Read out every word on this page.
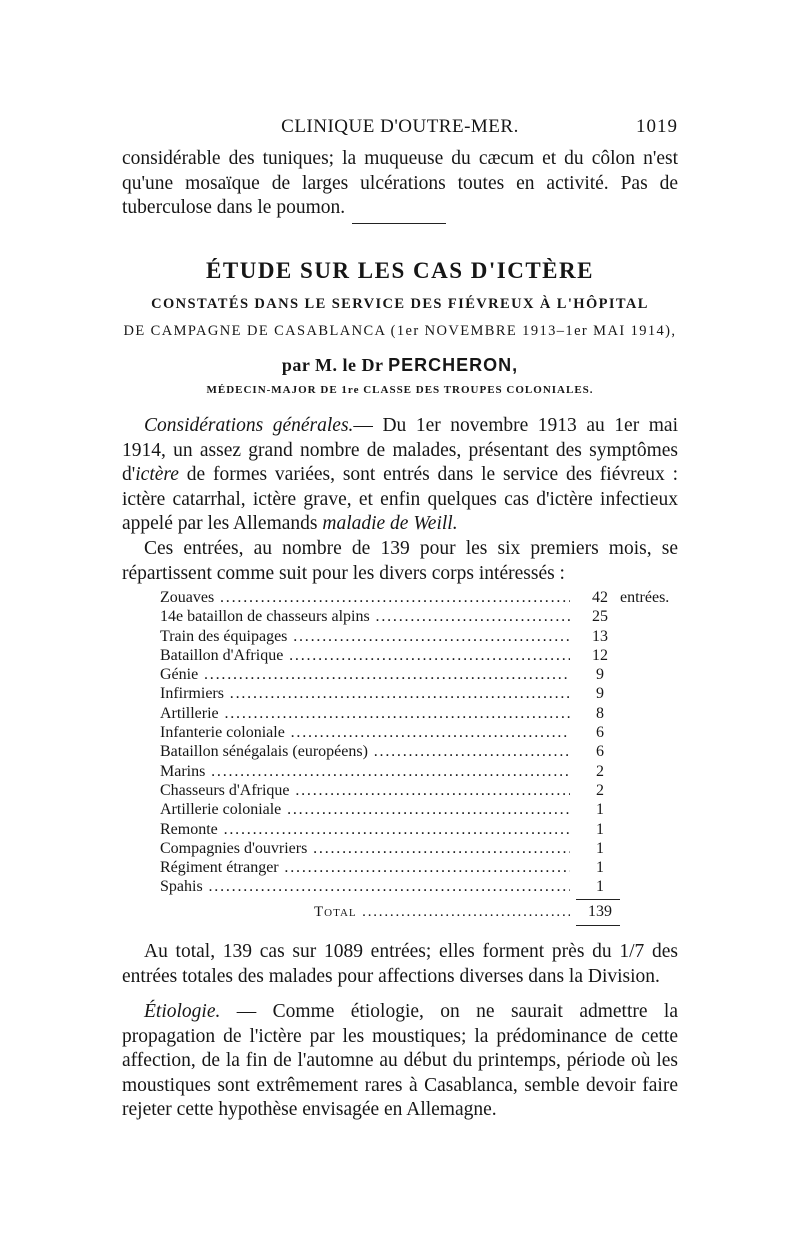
CLINIQUE D'OUTRE-MER.	1019

considérable des tuniques; la muqueuse du cæcum et du côlon n'est qu'une mosaïque de larges ulcérations toutes en activité. Pas de tuberculose dans le poumon.

ÉTUDE SUR LES CAS D'ICTÈRE
CONSTATÉS DANS LE SERVICE DES FIÉVREUX À L'HÔPITAL
DE CAMPAGNE DE CASABLANCA (1er NOVEMBRE 1913–1er MAI 1914),
par M. le Dr PERCHERON,
MÉDECIN-MAJOR DE 1re CLASSE DES TROUPES COLONIALES.

Considérations générales.— Du 1er novembre 1913 au 1er mai 1914, un assez grand nombre de malades, présentant des symptômes d'ictère de formes variées, sont entrés dans le service des fiévreux : ictère catarrhal, ictère grave, et enfin quelques cas d'ictère infectieux appelé par les Allemands maladie de Weill.

Ces entrées, au nombre de 139 pour les six premiers mois, se répartissent comme suit pour les divers corps intéressés :

Zouaves .....	42 entrées.
14e bataillon de chasseurs alpins .....	25
Train des équipages .....	13
Bataillon d'Afrique .....	12
Génie .....	9
Infirmiers .....	9
Artillerie .....	8
Infanterie coloniale .....	6
Bataillon sénégalais (européens) .....	6
Marins .....	2
Chasseurs d'Afrique .....	2
Artillerie coloniale .....	1
Remonte .....	1
Compagnies d'ouvriers .....	1
Régiment étranger .....	1
Spahis .....	1
Total .....	139

Au total, 139 cas sur 1089 entrées; elles forment près du 1/7 des entrées totales des malades pour affections diverses dans la Division.

Étiologie. — Comme étiologie, on ne saurait admettre la propagation de l'ictère par les moustiques; la prédominance de cette affection, de la fin de l'automne au début du printemps, période où les moustiques sont extrêmement rares à Casablanca, semble devoir faire rejeter cette hypothèse envisagée en Allemagne.
